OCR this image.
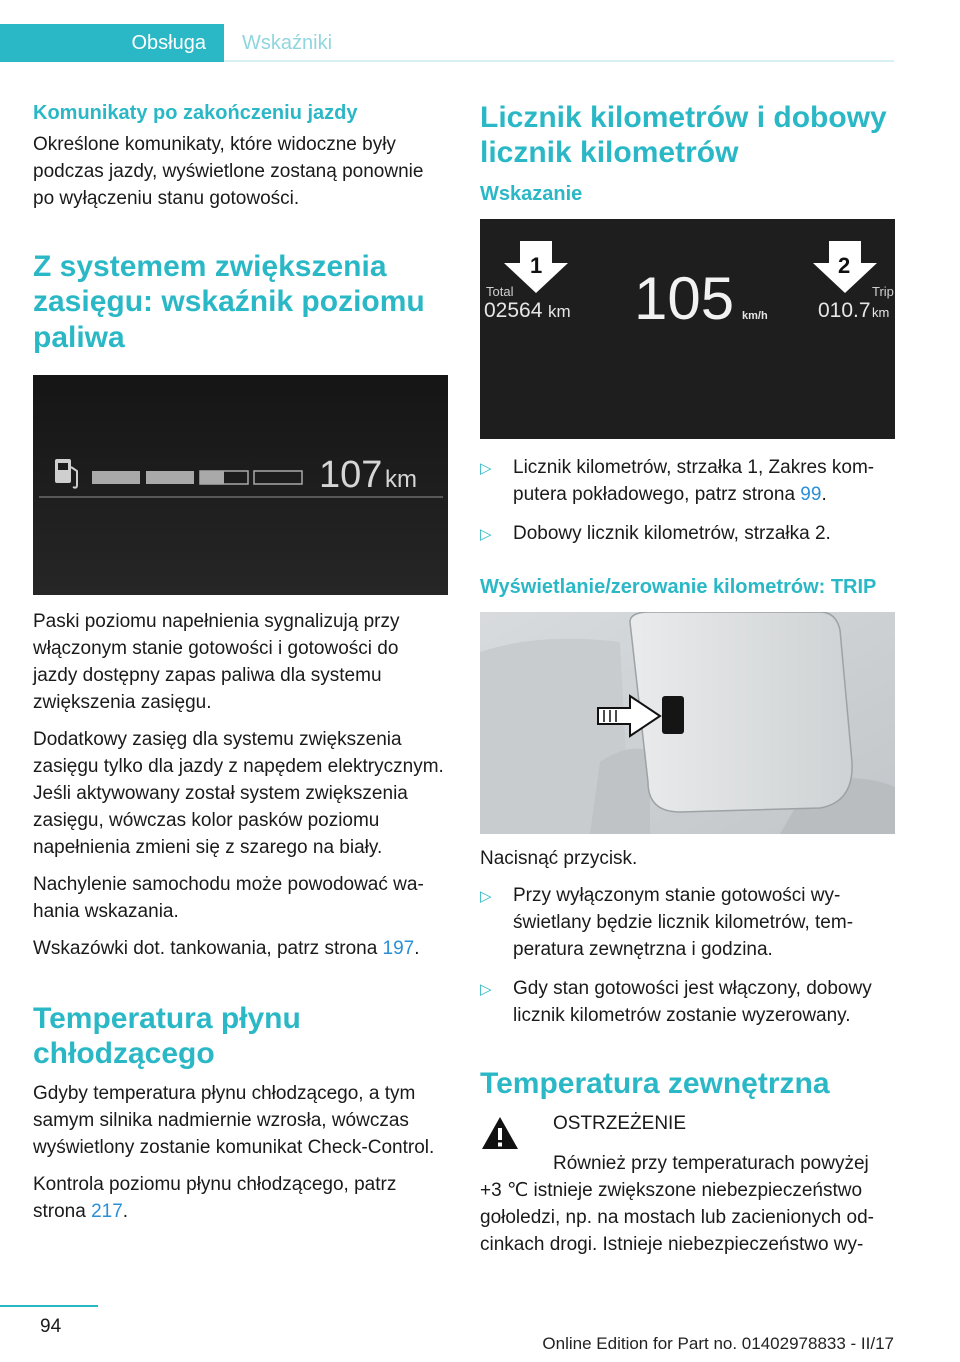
Obsługa	Wskaźniki
Komunikaty po zakończeniu jazdy

Określone komunikaty, które widoczne były podczas jazdy, wyświetlone zostaną ponownie po wyłączeniu stanu gotowości.

Z systemem zwiększenia zasięgu: wskaźnik poziomu paliwa
107 km

Paski poziomu napełnienia sygnalizują przy włączonym stanie gotowości i gotowości do jazdy dostępny zapas paliwa dla systemu zwiększenia zasięgu.

Dodatkowy zasięg dla systemu zwiększenia zasięgu tylko dla jazdy z napędem elektrycznym. Jeśli aktywowany został system zwiększenia zasięgu, wówczas kolor pasków poziomu napełnienia zmieni się z szarego na biały.

Nachylenie samochodu może powodować wahania wskazania.

Wskazówki dot. tankowania, patrz strona 197.

Temperatura płynu chłodzącego

Gdyby temperatura płynu chłodzącego, a tym samym silnika nadmiernie wzrosła, wówczas wyświetlony zostanie komunikat Check-Control.

Kontrola poziomu płynu chłodzącego, patrz strona 217.

Licznik kilometrów i dobowy licznik kilometrów
Wskazanie
1	2
Total
02564 km 105 km/h
Trip
010.7 km
▷	Licznik kilometrów, strzałka 1, Zakres komputera pokładowego, patrz strona 99.
▷	Dobowy licznik kilometrów, strzałka 2.
Wyświetlanie/zerowanie kilometrów: TRIP

Nacisnąć przycisk.

▷	Przy wyłączonym stanie gotowości wyświetlany będzie licznik kilometrów, temperatura zewnętrzna i godzina.
▷	Gdy stan gotowości jest włączony, dobowy licznik kilometrów zostanie wyzerowany.
Temperatura zewnętrzna

OSTRZEŻENIE

Również przy temperaturach powyżej +3 ℃ istnieje zwiększone niebezpieczeństwo gołoledzi, np. na mostach lub zacienionych odcinkach drogi. Istnieje niebezpieczeństwo wy-

94
Online Edition for Part no. 01402978833 - II/17
